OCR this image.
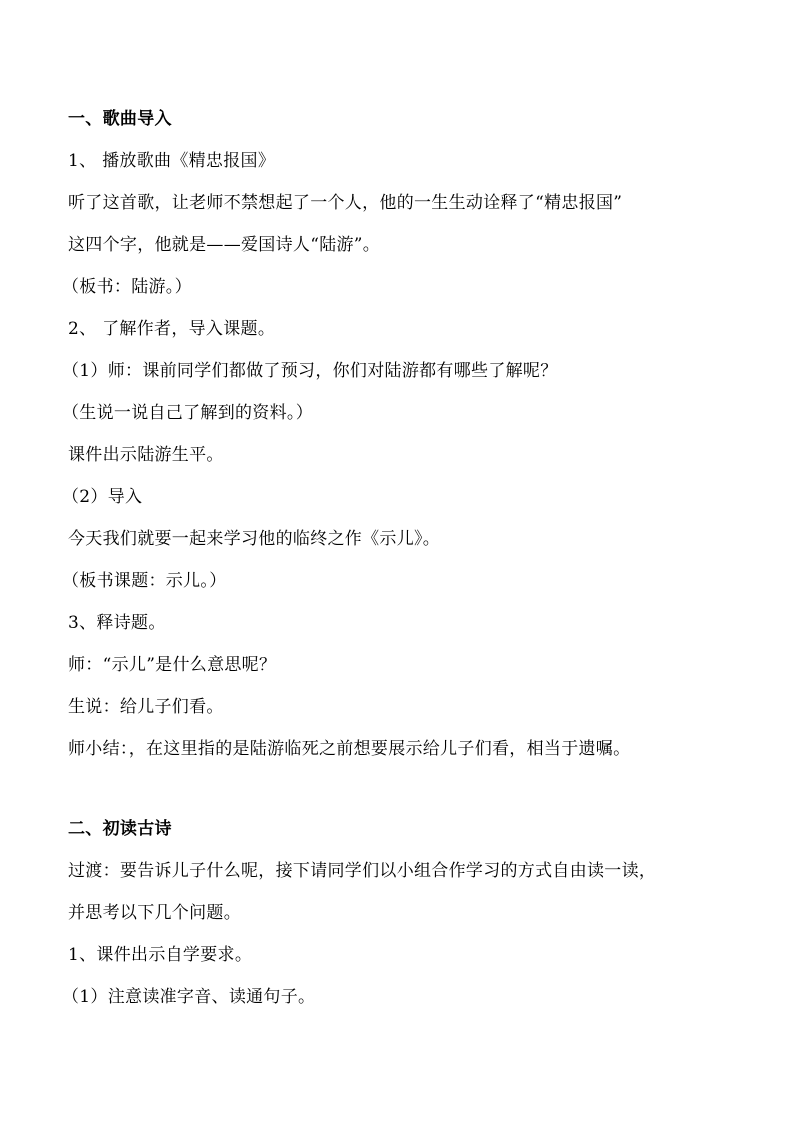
一、歌曲导入
1、 播放歌曲《精忠报国》
听了这首歌，让老师不禁想起了一个人，他的一生生动诠释了“精忠报国”
这四个字，他就是——爱国诗人“陆游”。
（板书：陆游。）
2、 了解作者，导入课题。
（1）师：课前同学们都做了预习，你们对陆游都有哪些了解呢？
（生说一说自己了解到的资料。）
课件出示陆游生平。
（2）导入
今天我们就要一起来学习他的临终之作《示儿》。
（板书课题：示儿。）
3、释诗题。
师：“示儿”是什么意思呢？
生说：给儿子们看。
师小结：，在这里指的是陆游临死之前想要展示给儿子们看，相当于遗嘱。
二、初读古诗
过渡：要告诉儿子什么呢，接下请同学们以小组合作学习的方式自由读一读，
并思考以下几个问题。
1、课件出示自学要求。
（1）注意读准字音、读通句子。
